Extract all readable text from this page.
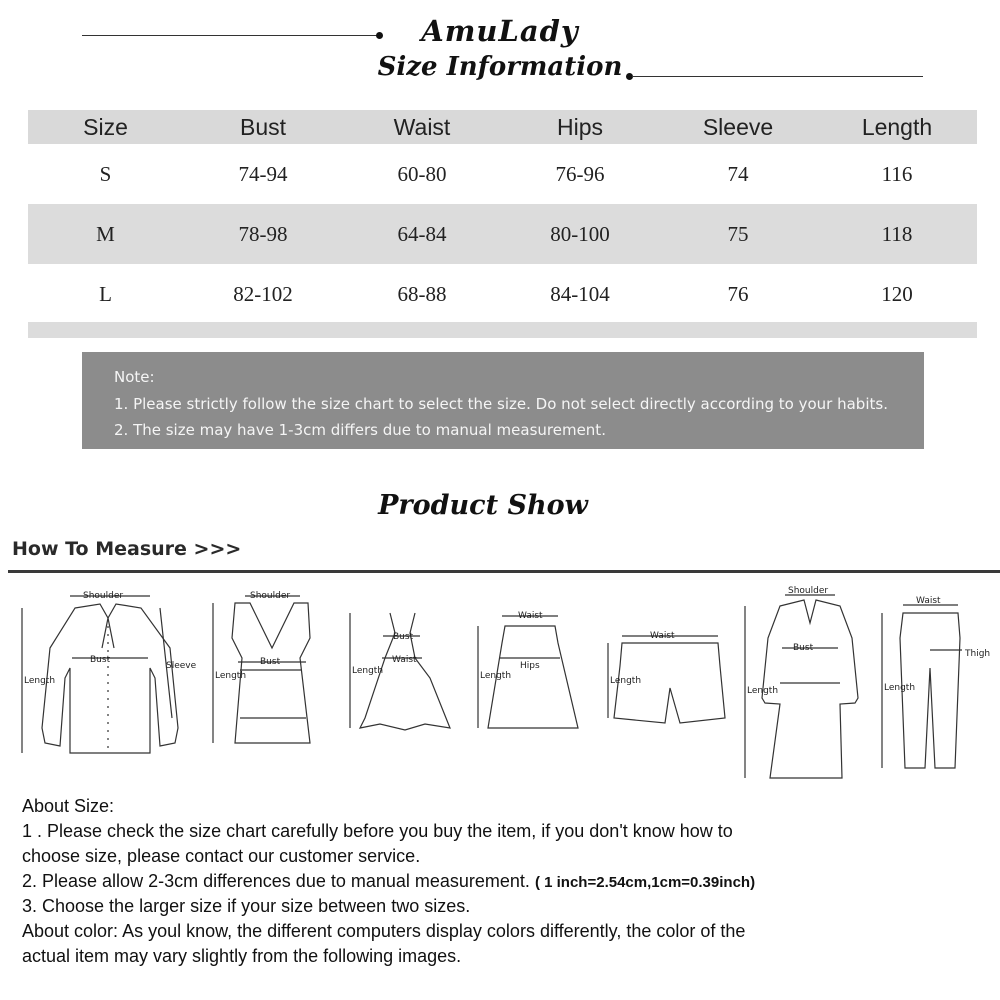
AmuLady
Size Information
Size	Bust	Waist	Hips	Sleeve	Length
S	74-94	60-80	76-96	74	116
M	78-98	64-84	80-100	75	118
L	82-102	68-88	84-104	76	120
Note:
1. Please strictly follow the size chart to select the size. Do not select directly according to your habits.
2. The size may have 1-3cm differs due to manual measurement.
Product Show
How To Measure >>>
Shoulder
Bust
Sleeve
Length
Shoulder
Bust
Length
Bust
Waist
Length
Waist
Hips
Length
Waist
Length
Shoulder
Bust
Length
Waist
Thigh
Length
About Size:
1 . Please check the size chart carefully before you buy the item, if you don't know how to
choose size, please contact our customer service.
2. Please allow 2-3cm differences due to manual measurement. ( 1 inch=2.54cm,1cm=0.39inch)
3. Choose the larger size if your size between two sizes.
About color: As youl know, the different computers display colors differently, the color of the
actual item may vary slightly from the following images.
